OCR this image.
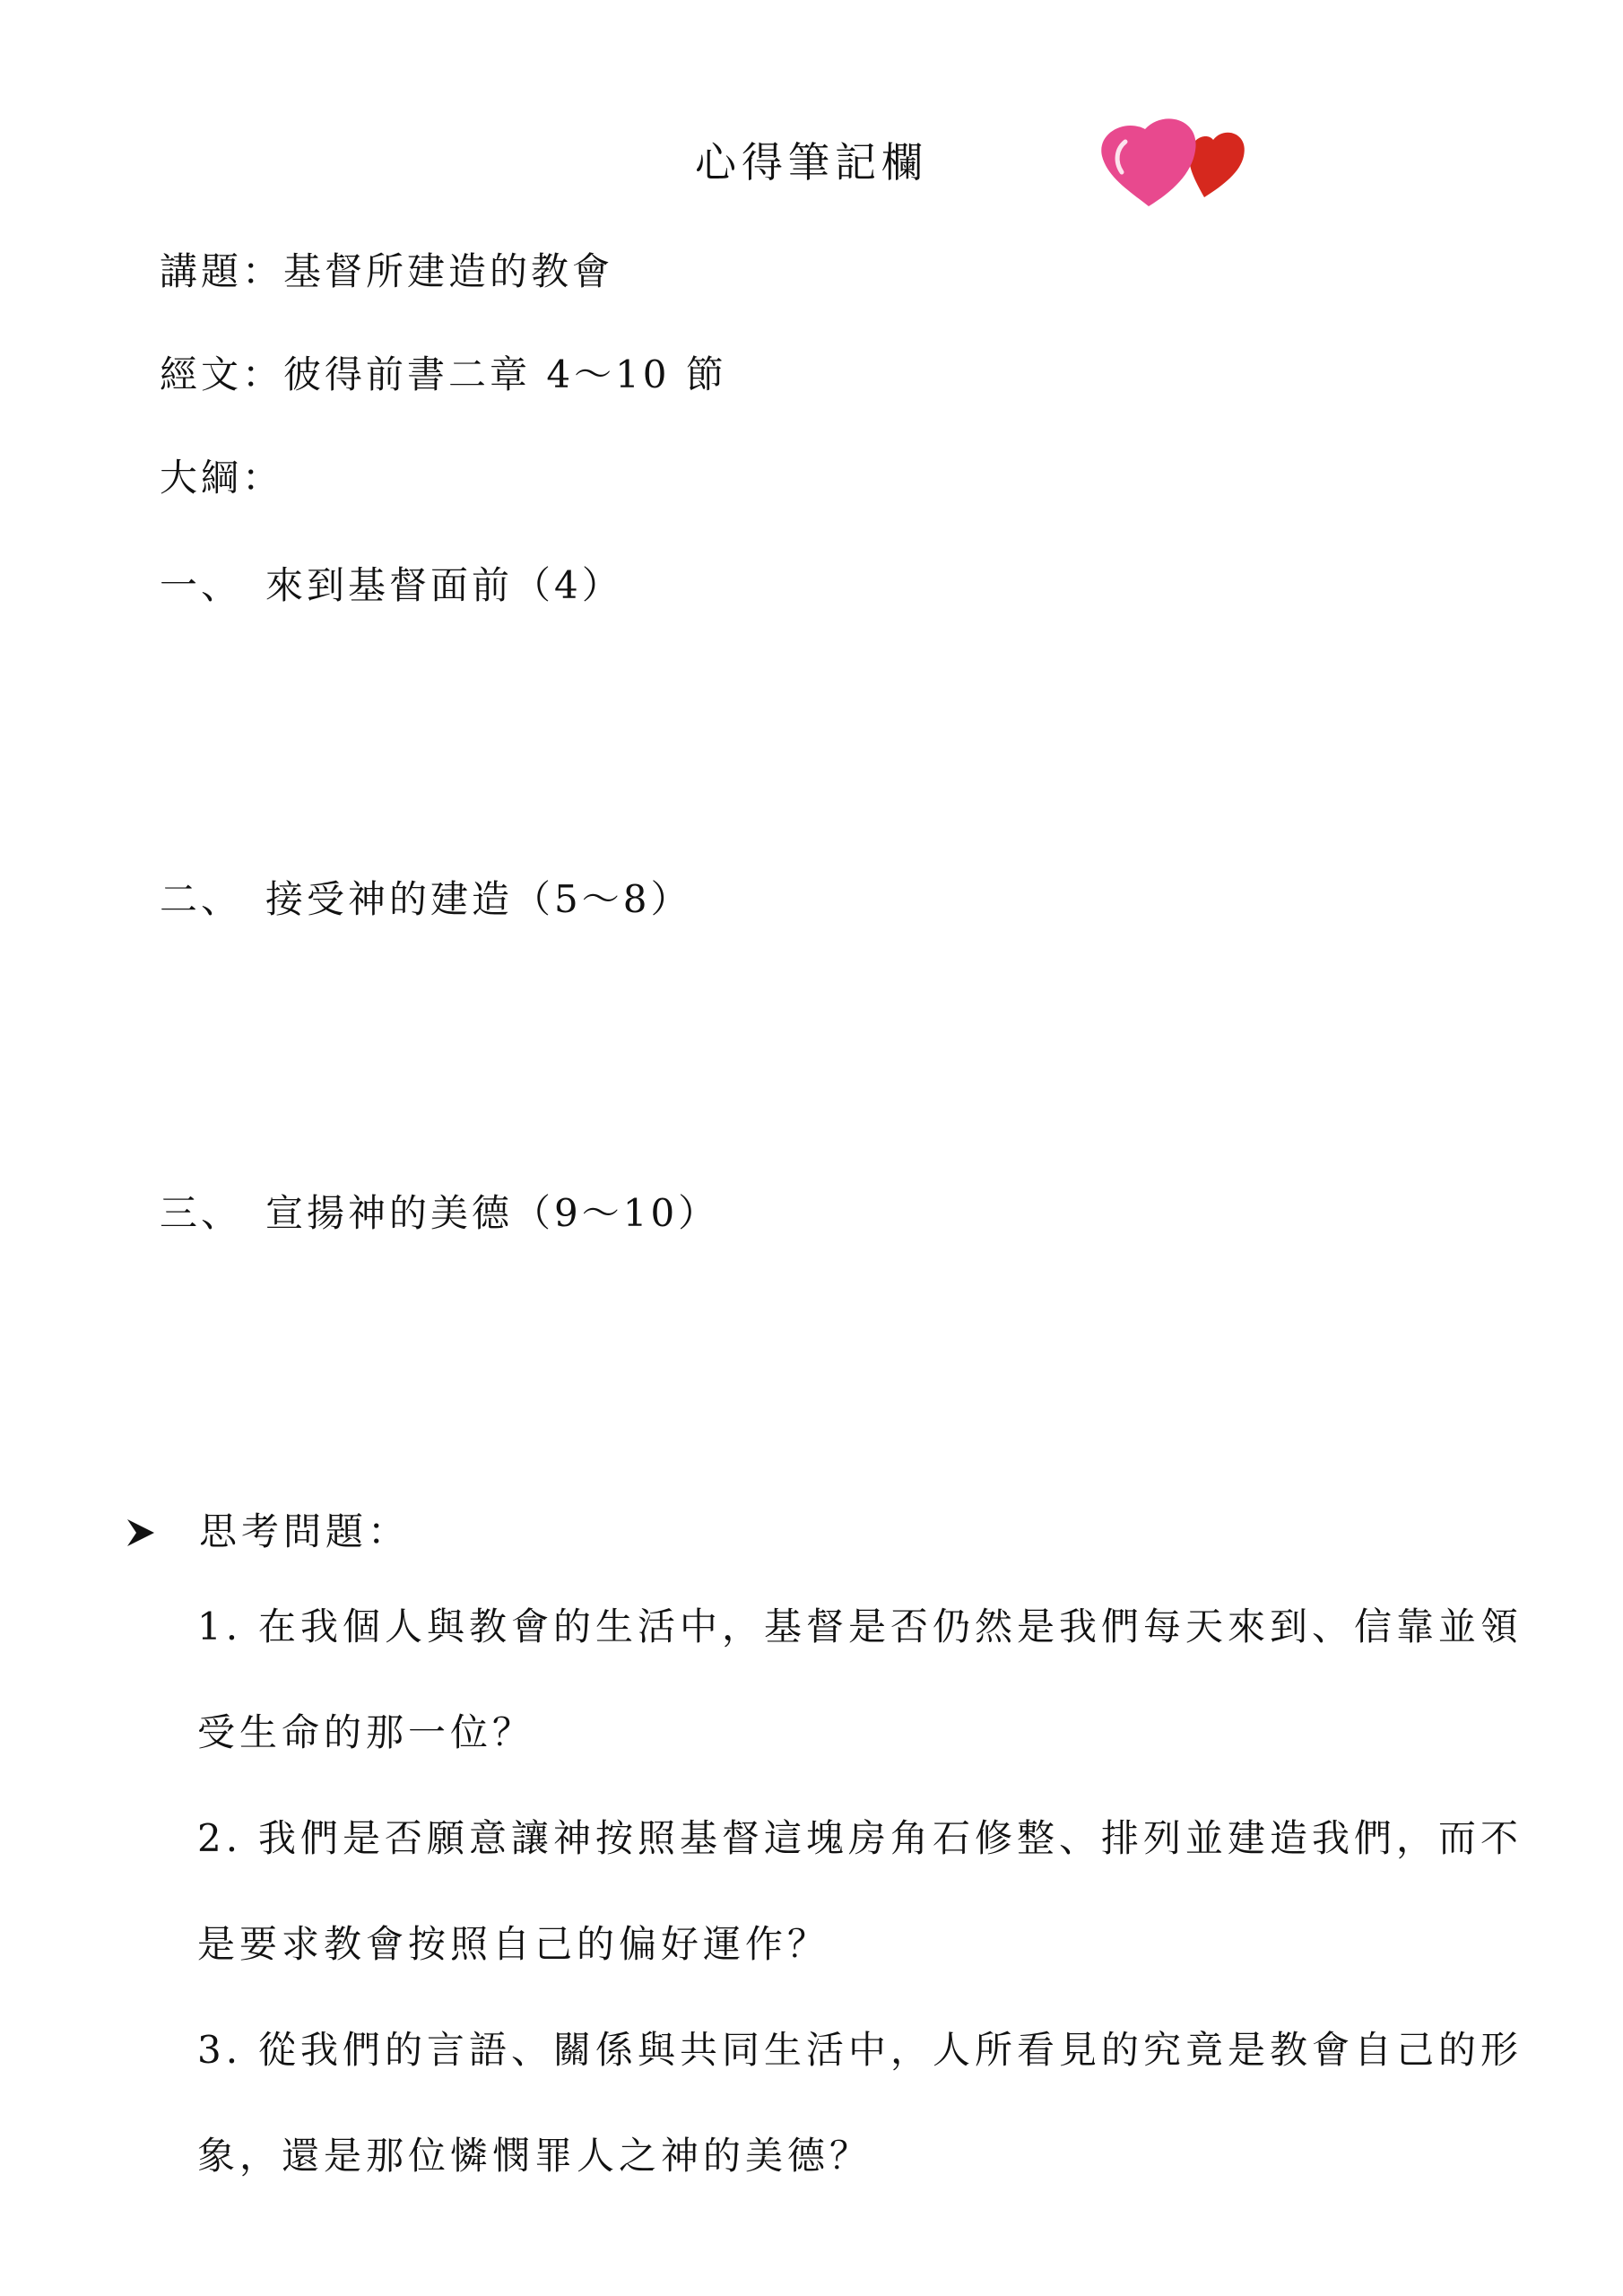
心得筆記欄
講題：基督所建造的教會
經文：彼得前書二章 4～10 節
大綱：
一、 來到基督面前（4）
二、 接受神的建造（5～8）
三、 宣揚神的美德（9～10）
思考問題：
1. 在我個人與教會的生活中，基督是否仍然是我們每天來到、信靠並領受生命的那一位？
2. 我們是否願意讓神按照基督這塊房角石修整、排列並建造我們，而不是要求教會按照自己的偏好運作？
3. 從我們的言語、關係與共同生活中，人所看見的究竟是教會自己的形象，還是那位憐憫罪人之神的美德？
